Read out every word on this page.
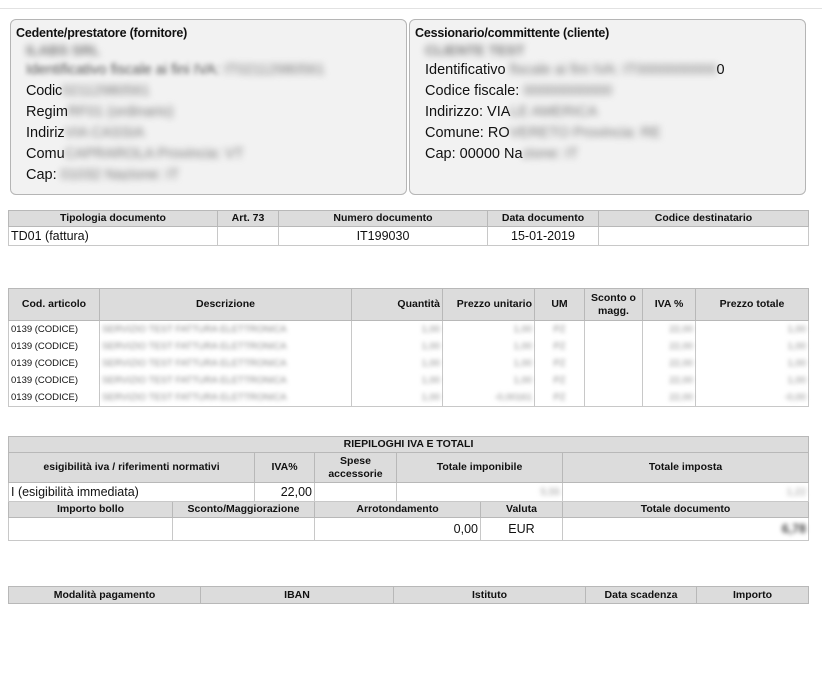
Cedente/prestatore (fornitore)
ILABS SRL
Identificativo fiscale ai fini IVA: IT02112980561
Codic02112980561
RegimRF01 (ordinario)
IndirizVIA CASSIA
ComuCAPRAROLA Provincia: VT
Cap: 01032 Nazione: IT
Cessionario/committente (cliente)
CLIENTE TEST
Identificativo fiscale ai fini IVA: IT00000000000
Codice fiscale: 00000000000
Indirizzo: VIALE AMERICA
Comune: ROVERETO Provincia: RE
Cap: 00000 Nazione: IT
Tipologia documento	Art. 73	Numero documento	Data documento	Codice destinatario
TD01 (fattura)		IT199030	15-01-2019	
Cod. articolo	Descrizione	Quantità	Prezzo unitario	UM	Sconto o magg.	IVA %	Prezzo totale
0139 (CODICE)	SERVIZIO TEST FATTURA ELETTRONICA	1,00	1,00	PZ		22,00	1,00
0139 (CODICE)	SERVIZIO TEST FATTURA ELETTRONICA	1,00	1,00	PZ		22,00	1,00
0139 (CODICE)	SERVIZIO TEST FATTURA ELETTRONICA	1,00	1,00	PZ		22,00	1,00
0139 (CODICE)	SERVIZIO TEST FATTURA ELETTRONICA	1,00	1,00	PZ		22,00	1,00
0139 (CODICE)	SERVIZIO TEST FATTURA ELETTRONICA	1,00	-0,00161	PZ		22,00	-0,00
RIEPILOGHI IVA E TOTALI						
esigibilità iva / riferimenti normativi		IVA%	Spese accessorie	Totale imponibile		Totale imposta
I (esigibilità immediata)		22,00		5,55		1,22
Importo bollo	Sconto/Maggiorazione		Arrotondamento		Valuta	Totale documento
			0,00		EUR	6,78
Modalità pagamento	IBAN	Istituto	Data scadenza	Importo
